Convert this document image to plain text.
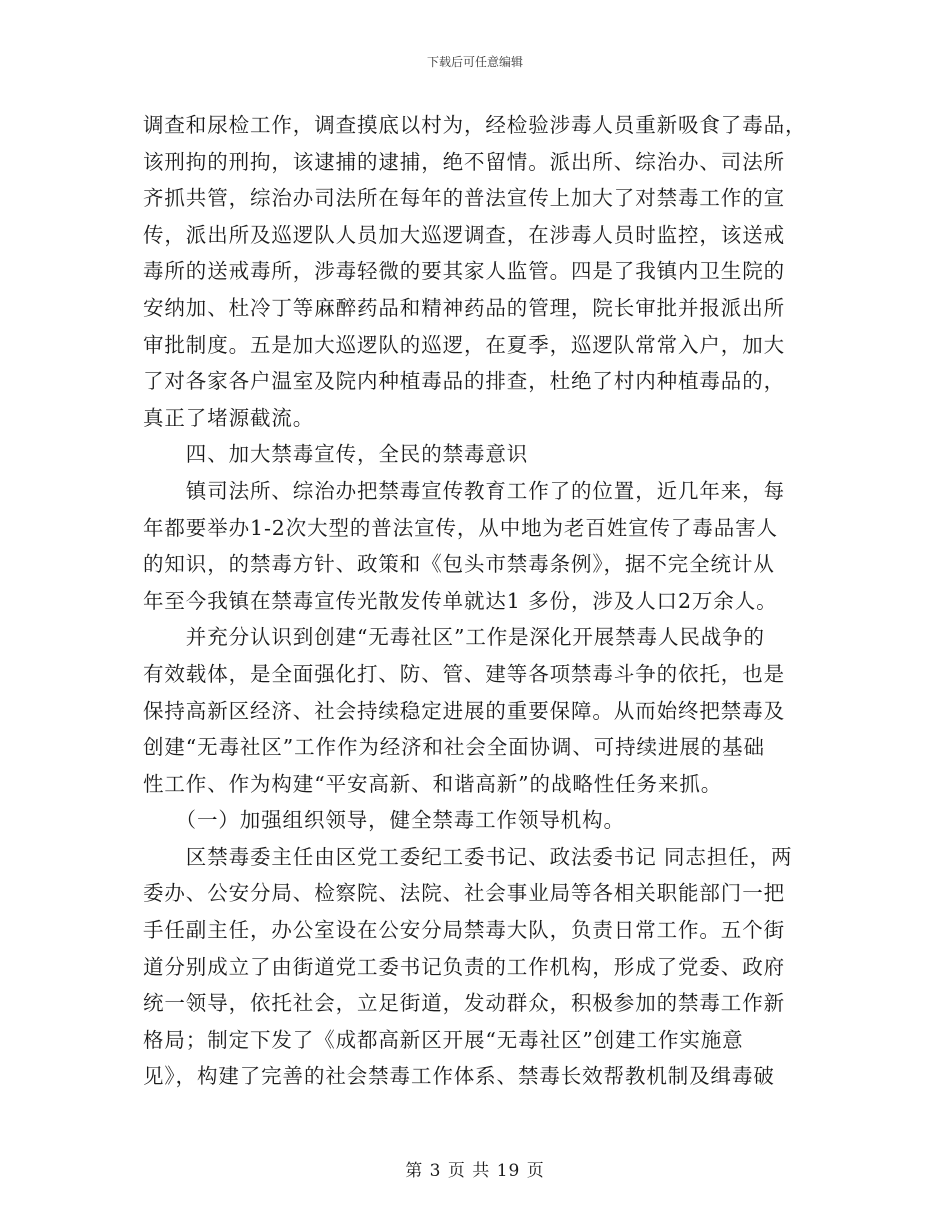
下载后可任意编辑
调查和尿检工作，调查摸底以村为，经检验涉毒人员重新吸食了毒品，
该刑拘的刑拘，该逮捕的逮捕，绝不留情。派出所、综治办、司法所
齐抓共管，综治办司法所在每年的普法宣传上加大了对禁毒工作的宣
传，派出所及巡逻队人员加大巡逻调查，在涉毒人员时监控，该送戒
毒所的送戒毒所，涉毒轻微的要其家人监管。四是了我镇内卫生院的
安纳加、杜冷丁等麻醉药品和精神药品的管理，院长审批并报派出所
审批制度。五是加大巡逻队的巡逻，在夏季，巡逻队常常入户，加大
了对各家各户温室及院内种植毒品的排查，杜绝了村内种植毒品的，
真正了堵源截流。
　　四、加大禁毒宣传，全民的禁毒意识
　　镇司法所、综治办把禁毒宣传教育工作了的位置，近几年来，每
年都要举办1-2次大型的普法宣传，从中地为老百姓宣传了毒品害人
的知识，的禁毒方针、政策和《包头市禁毒条例》，据不完全统计从
年至今我镇在禁毒宣传光散发传单就达1 多份，涉及人口2万余人。
　　并充分认识到创建“无毒社区”工作是深化开展禁毒人民战争的
有效载体，是全面强化打、防、管、建等各项禁毒斗争的依托，也是
保持高新区经济、社会持续稳定进展的重要保障。从而始终把禁毒及
创建“无毒社区”工作作为经济和社会全面协调、可持续进展的基础
性工作、作为构建“平安高新、和谐高新”的战略性任务来抓。
　　（一）加强组织领导，健全禁毒工作领导机构。
　　区禁毒委主任由区党工委纪工委书记、政法委书记 同志担任，两
委办、公安分局、检察院、法院、社会事业局等各相关职能部门一把
手任副主任，办公室设在公安分局禁毒大队，负责日常工作。五个街
道分别成立了由街道党工委书记负责的工作机构，形成了党委、政府
统一领导，依托社会，立足街道，发动群众，积极参加的禁毒工作新
格局；制定下发了《成都高新区开展“无毒社区”创建工作实施意
见》，构建了完善的社会禁毒工作体系、禁毒长效帮教机制及缉毒破
第 3 页 共 19 页
